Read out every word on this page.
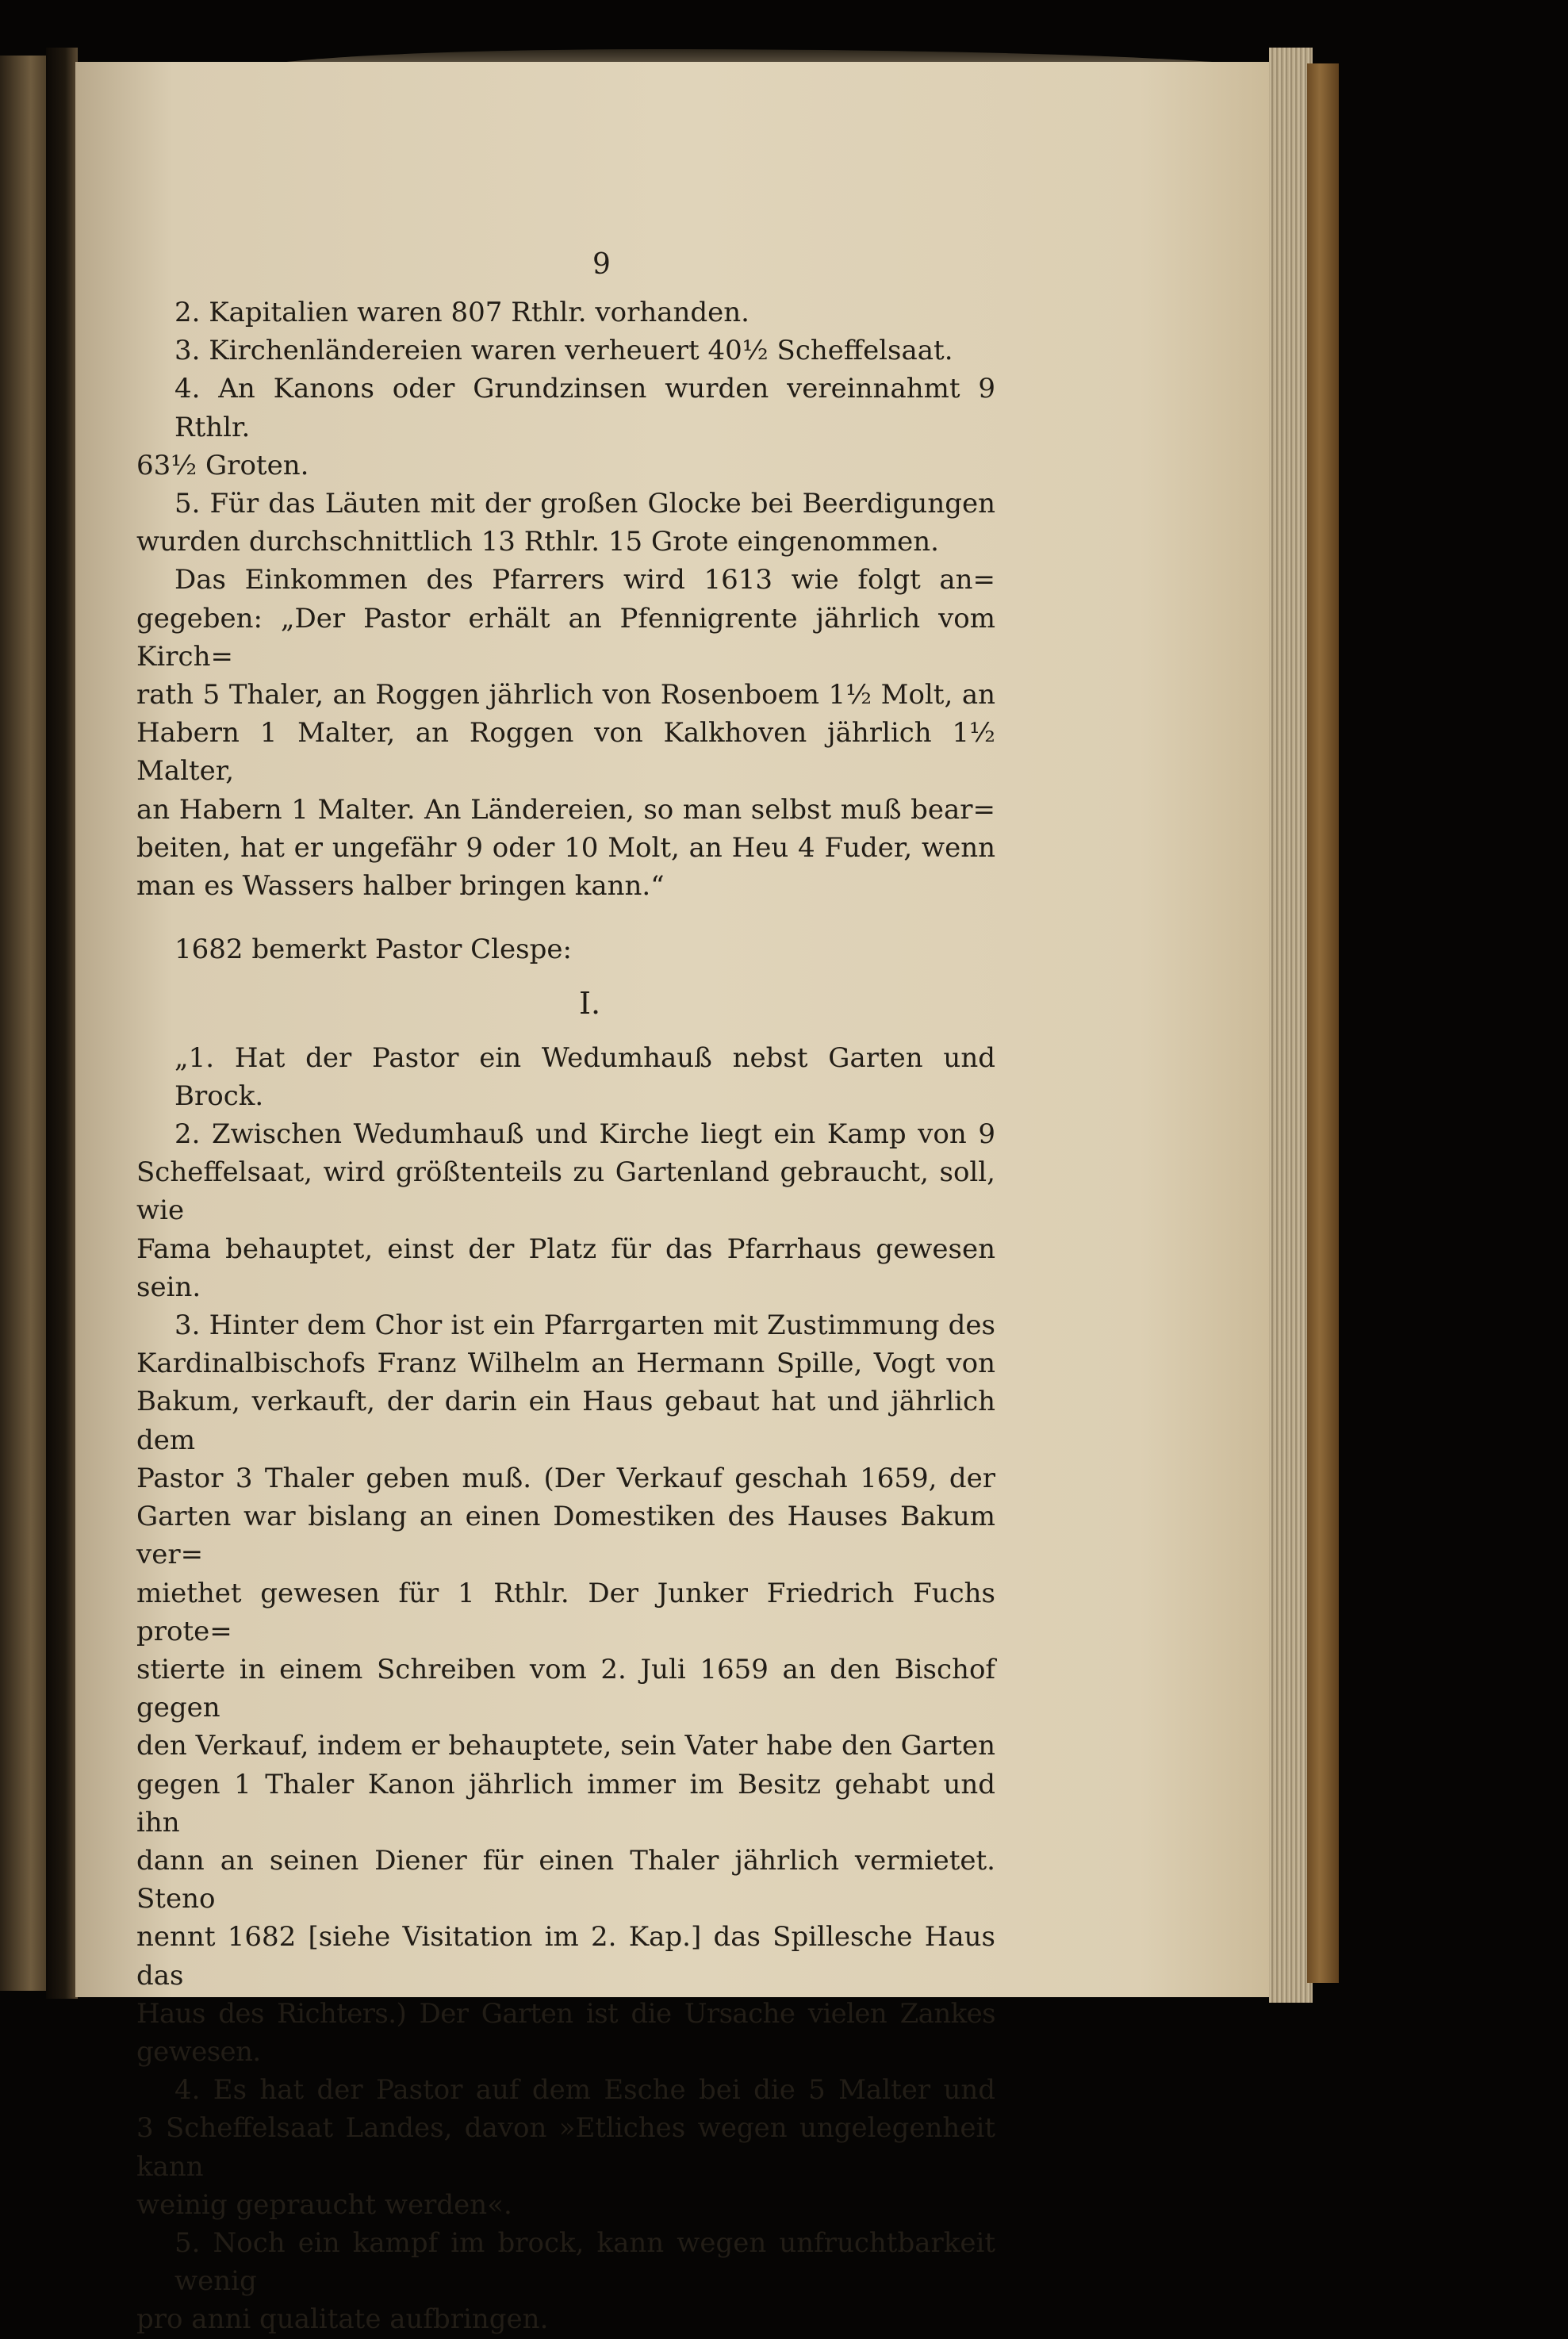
9
2. Kapitalien waren 807 Rthlr. vorhanden.
3. Kirchenländereien waren verheuert 40½ Scheffelsaat.
4. An Kanons oder Grundzinsen wurden vereinnahmt 9 Rthlr.
63½ Groten.
5. Für das Läuten mit der großen Glocke bei Beerdigungen
wurden durchschnittlich 13 Rthlr. 15 Grote eingenommen.
Das Einkommen des Pfarrers wird 1613 wie folgt an=
gegeben: „Der Pastor erhält an Pfennigrente jährlich vom Kirch=
rath 5 Thaler, an Roggen jährlich von Rosenboem 1½ Molt, an
Habern 1 Malter, an Roggen von Kalkhoven jährlich 1½ Malter,
an Habern 1 Malter. An Ländereien, so man selbst muß bear=
beiten, hat er ungefähr 9 oder 10 Molt, an Heu 4 Fuder, wenn
man es Wassers halber bringen kann.“
1682 bemerkt Pastor Clespe:
I.
„1. Hat der Pastor ein Wedumhauß nebst Garten und Brock.
2. Zwischen Wedumhauß und Kirche liegt ein Kamp von 9
Scheffelsaat, wird größtenteils zu Gartenland gebraucht, soll, wie
Fama behauptet, einst der Platz für das Pfarrhaus gewesen sein.
3. Hinter dem Chor ist ein Pfarrgarten mit Zustimmung des
Kardinalbischofs Franz Wilhelm an Hermann Spille, Vogt von
Bakum, verkauft, der darin ein Haus gebaut hat und jährlich dem
Pastor 3 Thaler geben muß. (Der Verkauf geschah 1659, der
Garten war bislang an einen Domestiken des Hauses Bakum ver=
miethet gewesen für 1 Rthlr. Der Junker Friedrich Fuchs prote=
stierte in einem Schreiben vom 2. Juli 1659 an den Bischof gegen
den Verkauf, indem er behauptete, sein Vater habe den Garten
gegen 1 Thaler Kanon jährlich immer im Besitz gehabt und ihn
dann an seinen Diener für einen Thaler jährlich vermietet. Steno
nennt 1682 [siehe Visitation im 2. Kap.] das Spillesche Haus das
Haus des Richters.) Der Garten ist die Ursache vielen Zankes gewesen.
4. Es hat der Pastor auf dem Esche bei die 5 Malter und
3 Scheffelsaat Landes, davon »Etliches wegen ungelegenheit kann
weinig gepraucht werden«.
5. Noch ein kampf im brock, kann wegen unfruchtbarkeit wenig
pro anni qualitate aufbringen.
